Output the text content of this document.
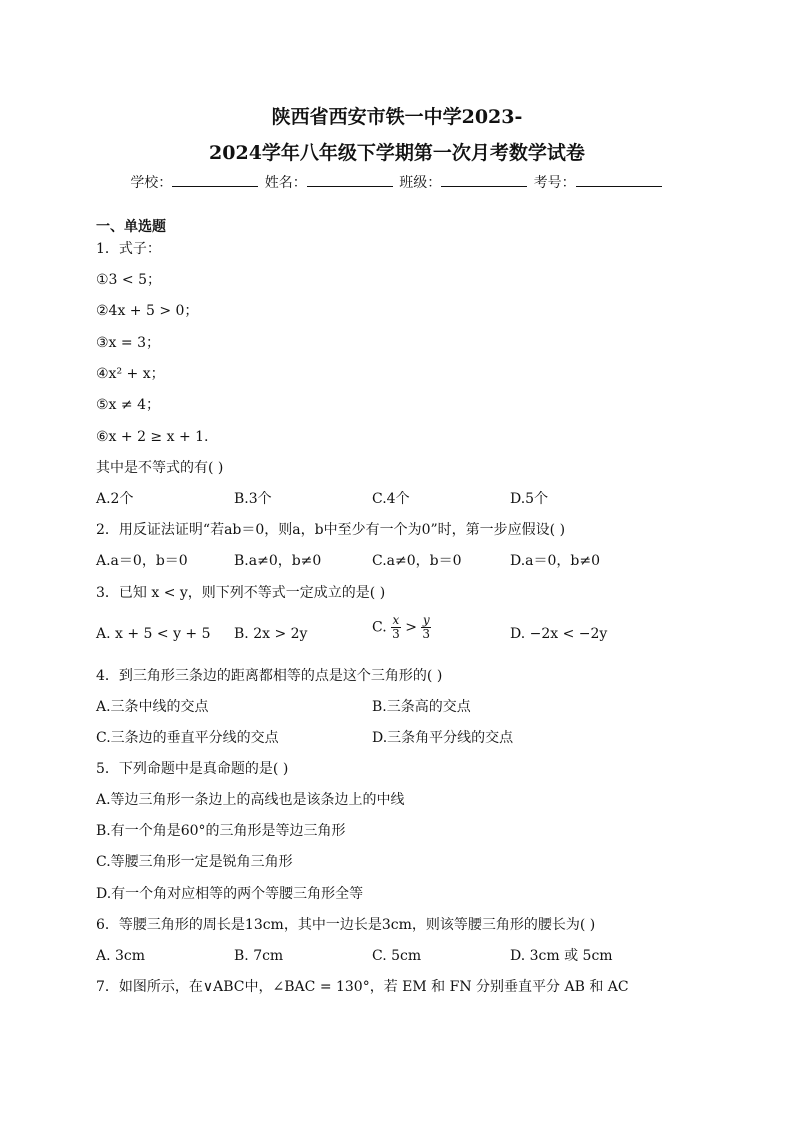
陕西省西安市铁一中学2023-
2024学年八年级下学期第一次月考数学试卷
学校：	姓名：	班级：	考号：
一、单选题
1．式子：
①3 < 5；
②4x + 5 > 0；
③x = 3；
④x² + x；
⑤x ≠ 4；
⑥x + 2 ≥ x + 1.
其中是不等式的有( )
A.2个	B.3个	C.4个	D.5个
2．用反证法证明“若ab＝0，则a，b中至少有一个为0”时，第一步应假设( )
A.a＝0，b＝0	B.a≠0，b≠0	C.a≠0，b＝0	D.a＝0，b≠0
3．已知 x < y，则下列不等式一定成立的是( )
A. x + 5 < y + 5 B. 2x > 2y	C. $\frac{x}{3} > \frac{y}{3}$	D. −2x < −2y
4．到三角形三条边的距离都相等的点是这个三角形的( )
A.三条中线的交点	B.三条高的交点
C.三条边的垂直平分线的交点	D.三条角平分线的交点
5．下列命题中是真命题的是( )
A.等边三角形一条边上的高线也是该条边上的中线
B.有一个角是60°的三角形是等边三角形
C.等腰三角形一定是锐角三角形
D.有一个角对应相等的两个等腰三角形全等
6．等腰三角形的周长是13cm，其中一边长是3cm，则该等腰三角形的腰长为( )
A. 3cm	B. 7cm	C. 5cm	D. 3cm 或 5cm
7．如图所示，在∨ABC中，∠BAC = 130°，若 EM 和 FN 分别垂直平分 AB 和 AC
